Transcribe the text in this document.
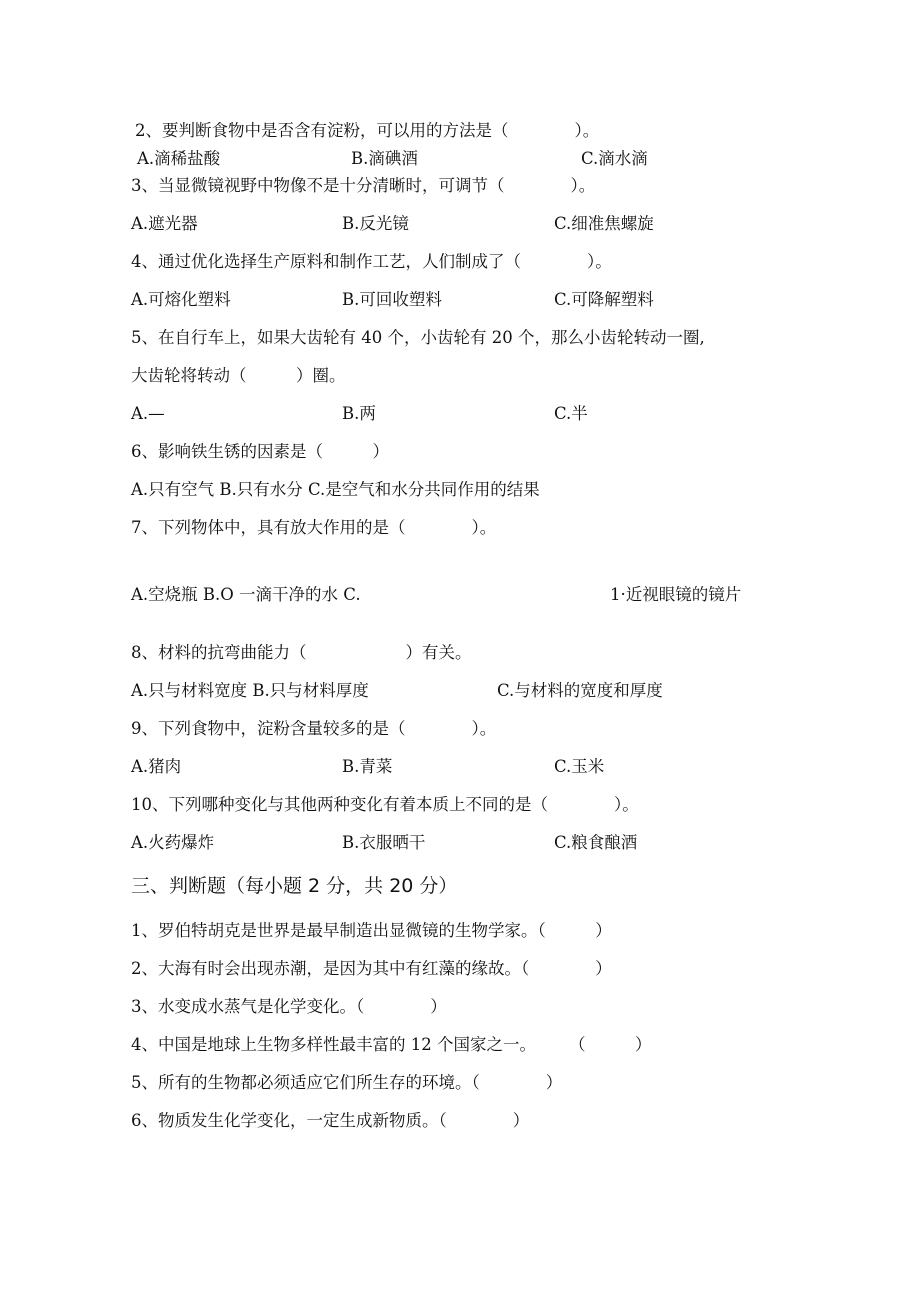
2、要判断食物中是否含有淀粉，可以用的方法是（　　　　）。
A.滴稀盐酸	B.滴碘酒	C.滴水滴
3、当显微镜视野中物像不是十分清晰时，可调节（　　　　）。
A.遮光器	B.反光镜	C.细准焦螺旋
4、通过优化选择生产原料和制作工艺，人们制成了（　　　　）。
A.可熔化塑料	B.可回收塑料	C.可降解塑料
5、在自行车上，如果大齿轮有 40 个，小齿轮有 20 个，那么小齿轮转动一圈,
大齿轮将转动（　　　）圈。
A.—	B.两	C.半
6、影响铁生锈的因素是（　　　）
A.只有空气 B.只有水分 C.是空气和水分共同作用的结果
7、下列物体中，具有放大作用的是（　　　　）。
A.空烧瓶 B.O 一滴干净的水 C.	1·近视眼镜的镜片
8、材料的抗弯曲能力（　　　　　　）有关。
A.只与材料宽度 B.只与材料厚度	C.与材料的宽度和厚度
9、下列食物中，淀粉含量较多的是（　　　　）。
A.猪肉	B.青菜	C.玉米
10、下列哪种变化与其他两种变化有着本质上不同的是（　　　　）。
A.火药爆炸	B.衣服晒干	C.粮食酿酒
三、判断题（每小题 2 分，共 20 分）
1、罗伯特胡克是世界是最早制造出显微镜的生物学家。（　　　）
2、大海有时会出现赤潮，是因为其中有红藻的缘故。（　　　　）
3、水变成水蒸气是化学变化。（　　　　）
4、中国是地球上生物多样性最丰富的 12 个国家之一。　　　（　　　）
5、所有的生物都必须适应它们所生存的环境。（　　　　）
6、物质发生化学变化，一定生成新物质。（　　　　）
